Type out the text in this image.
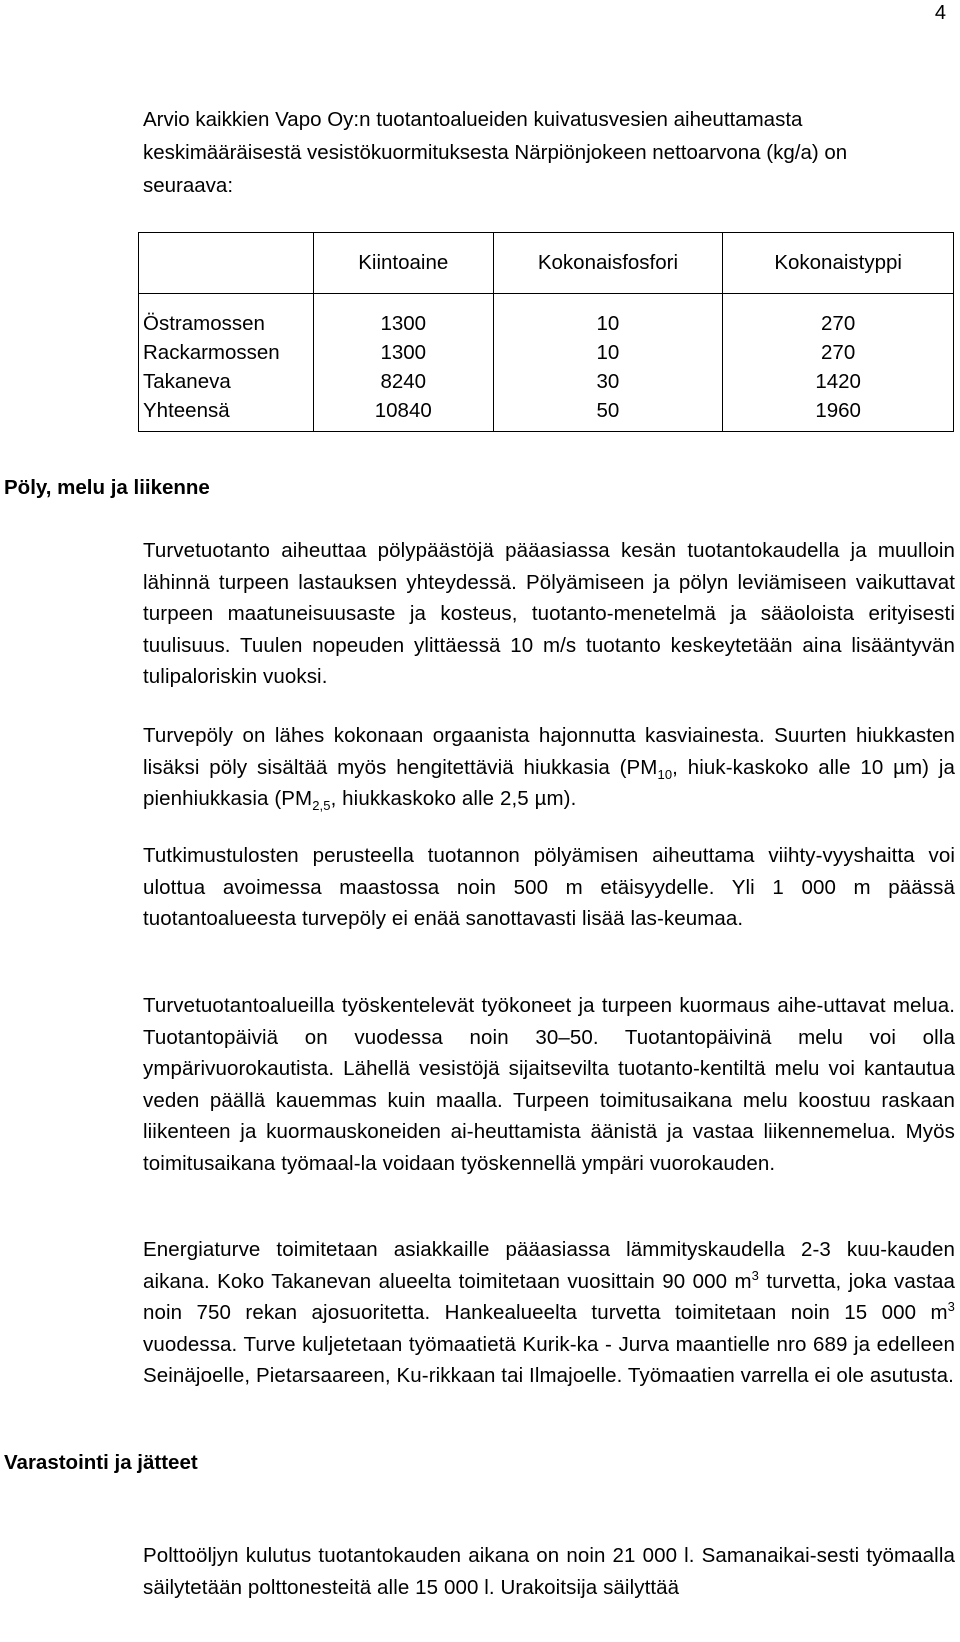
4
Arvio kaikkien Vapo Oy:n tuotantoalueiden kuivatusvesien aiheuttamasta keskimääräisestä vesistökuormituksesta Närpiönjokeen nettoarvona (kg/a) on seuraava:
	Kiintoaine	Kokonaisfosfori	Kokonaistyppi
Östramossen	1300	10	270
Rackarmossen	1300	10	270
Takaneva	8240	30	1420
Yhteensä	10840	50	1960
Pöly, melu ja liikenne
Turvetuotanto aiheuttaa pölypäästöjä pääasiassa kesän tuotantokaudella ja muulloin lähinnä turpeen lastauksen yhteydessä. Pölyämiseen ja pölyn leviämiseen vaikuttavat turpeen maatuneisuusaste ja kosteus, tuotanto-menetelmä ja sääoloista erityisesti tuulisuus. Tuulen nopeuden ylittäessä 10 m/s tuotanto keskeytetään aina lisääntyvän tulipaloriskin vuoksi.
Turvepöly on lähes kokonaan orgaanista hajonnutta kasviainesta. Suurten hiukkasten lisäksi pöly sisältää myös hengitettäviä hiukkasia ($PM_{10}$, hiuk-kaskoko alle 10 µm) ja pienhiukkasia ($PM_{2,5}$, hiukkaskoko alle 2,5 µm).
Tutkimustulosten perusteella tuotannon pölyämisen aiheuttama viihty-vyyshaitta voi ulottua avoimessa maastossa noin 500 m etäisyydelle. Yli 1 000 m päässä tuotantoalueesta turvepöly ei enää sanottavasti lisää las-keumaa.
Turvetuotantoalueilla työskentelevät työkoneet ja turpeen kuormaus aihe-uttavat melua. Tuotantopäiviä on vuodessa noin 30–50. Tuotantopäivinä melu voi olla ympärivuorokautista. Lähellä vesistöjä sijaitsevilta tuotanto-kentiltä melu voi kantautua veden päällä kauemmas kuin maalla. Turpeen toimitusaikana melu koostuu raskaan liikenteen ja kuormauskoneiden ai-heuttamista äänistä ja vastaa liikennemelua. Myös toimitusaikana työmaal-la voidaan työskennellä ympäri vuorokauden.
Energiaturve toimitetaan asiakkaille pääasiassa lämmityskaudella 2-3 kuu-kauden aikana. Koko Takanevan alueelta toimitetaan vuosittain 90 000 $m^3$ turvetta, joka vastaa noin 750 rekan ajosuoritetta. Hankealueelta turvetta toimitetaan noin 15 000 $m^3$ vuodessa. Turve kuljetetaan työmaatietä Kurik-ka - Jurva maantielle nro 689 ja edelleen Seinäjoelle, Pietarsaareen, Ku-rikkaan tai Ilmajoelle. Työmaatien varrella ei ole asutusta.
Varastointi ja jätteet
Polttoöljyn kulutus tuotantokauden aikana on noin 21 000 l. Samanaikai-sesti työmaalla säilytetään polttonesteitä alle 15 000 l. Urakoitsija säilyttää
